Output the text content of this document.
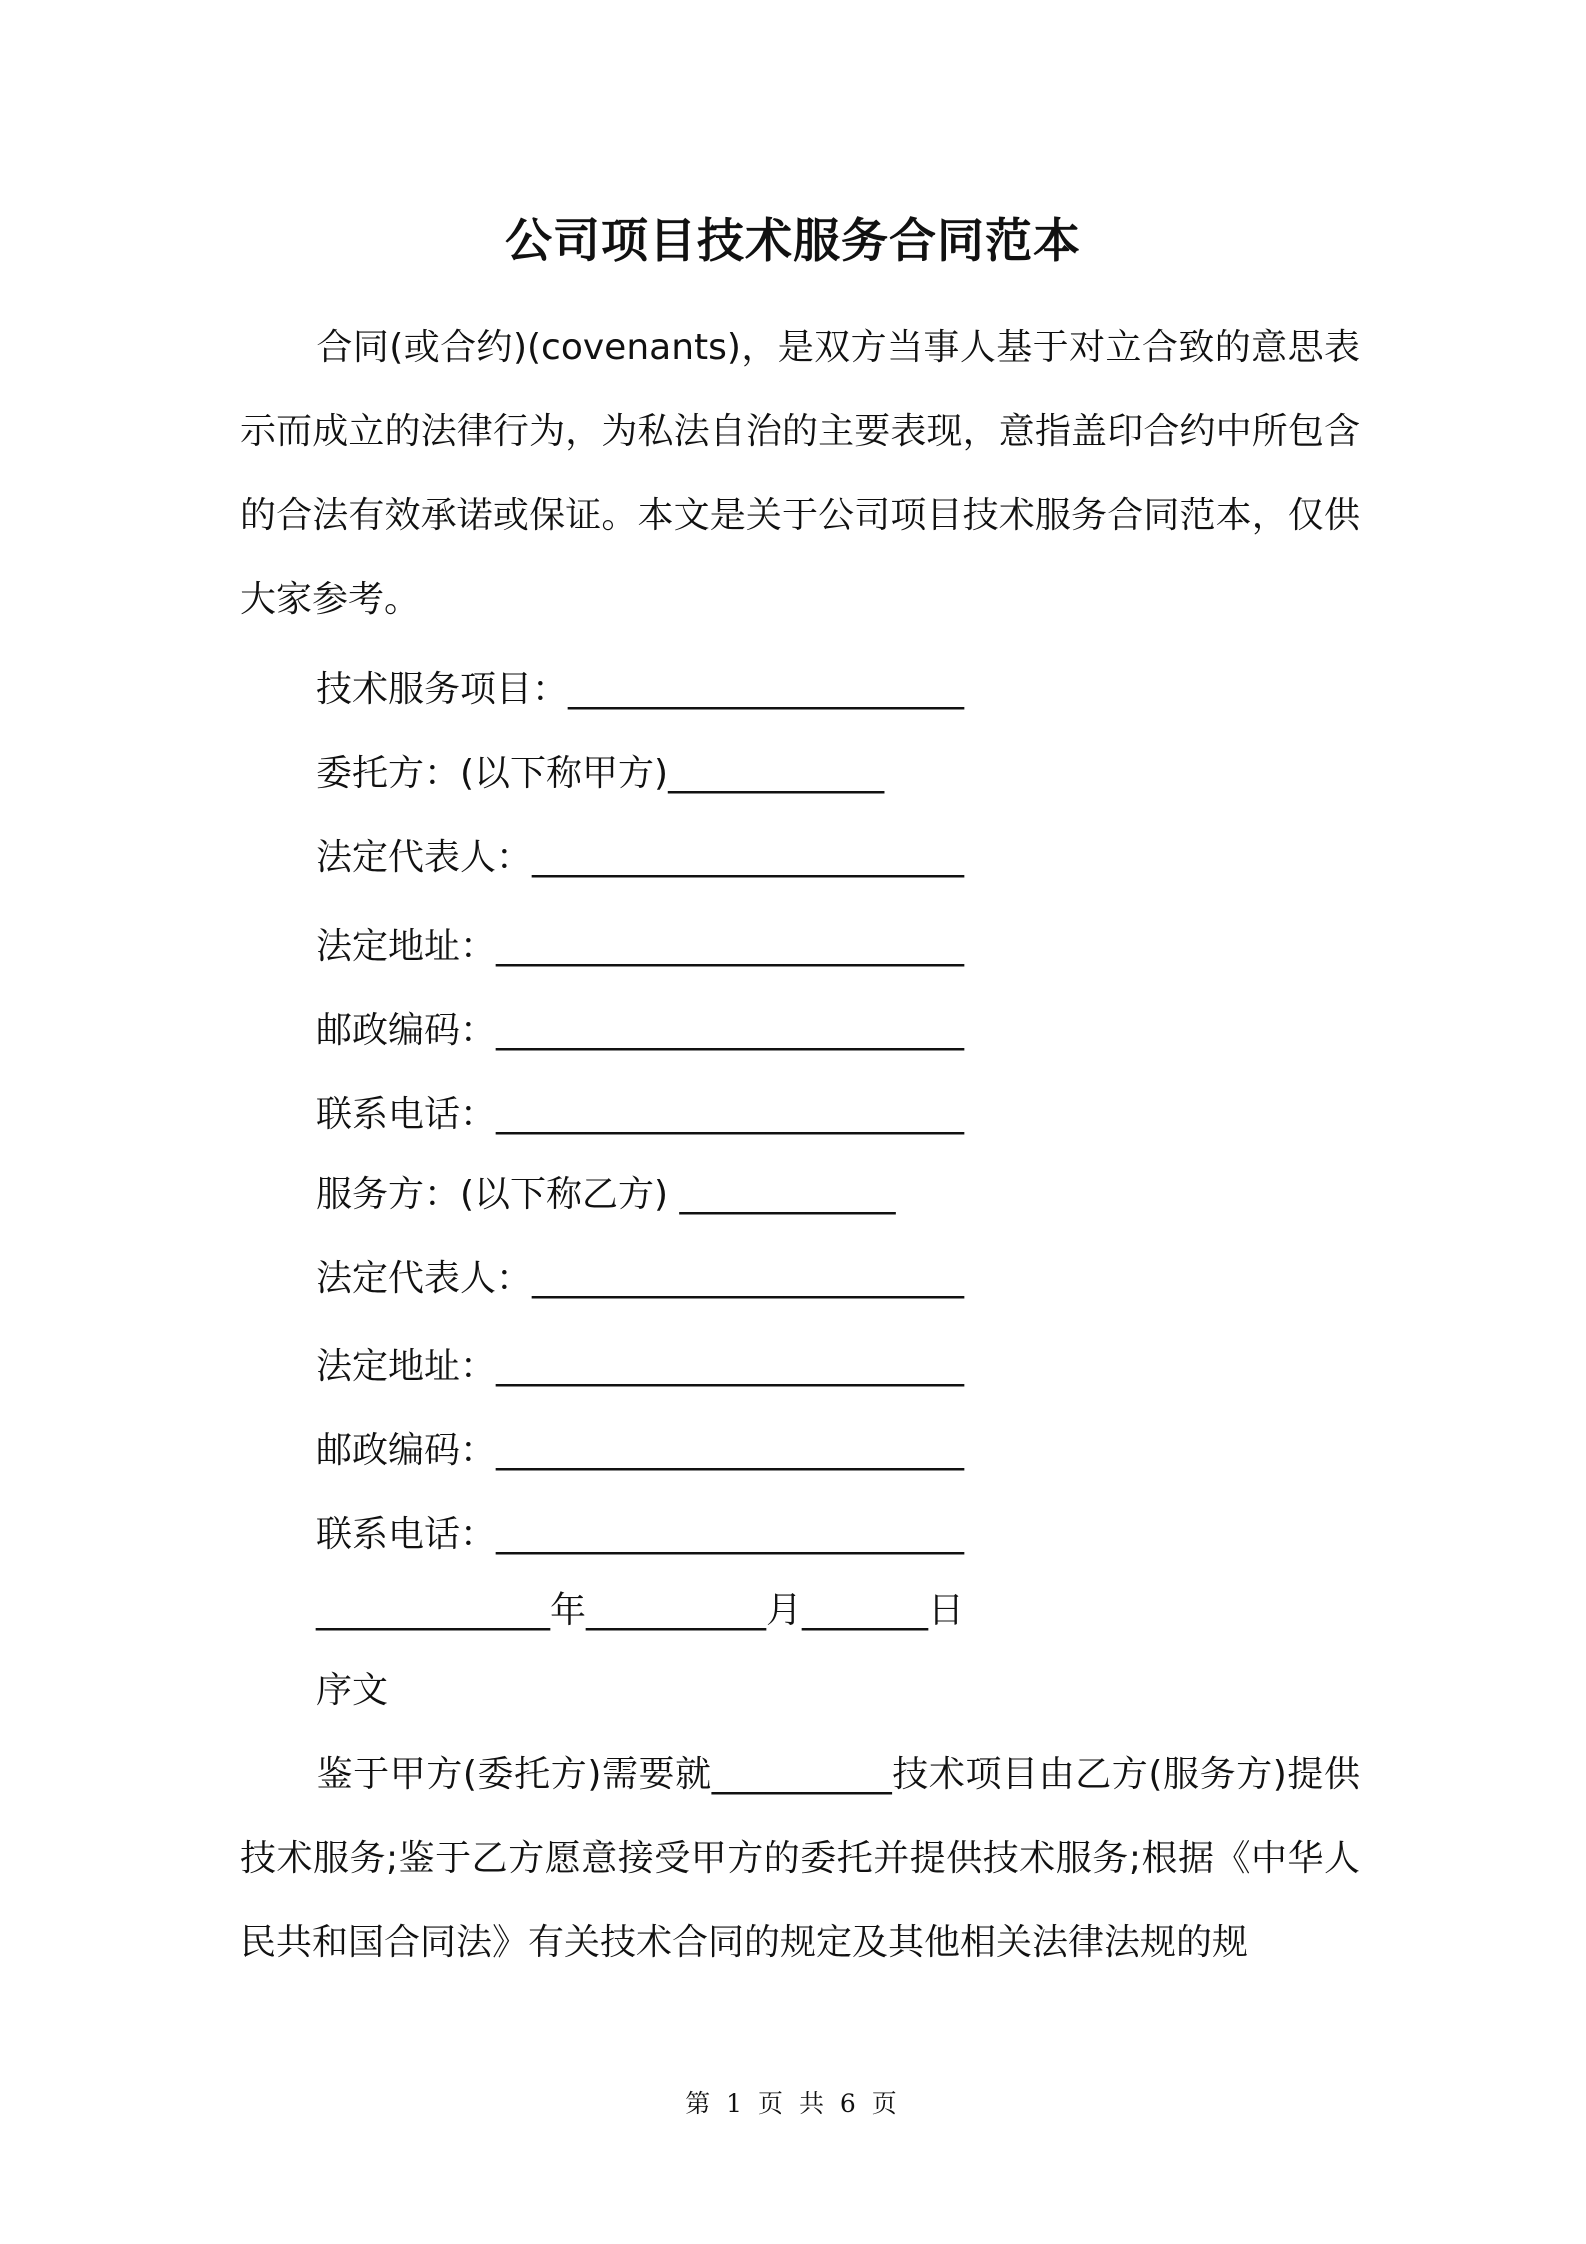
公司项目技术服务合同范本

合同(或合约)(covenants)，是双方当事人基于对立合致的意思表示而成立的法律行为，为私法自治的主要表现，意指盖印合约中所包含的合法有效承诺或保证。本文是关于公司项目技术服务合同范本，仅供大家参考。

技术服务项目：______________________
委托方：(以下称甲方)____________
法定代表人：________________________
法定地址：__________________________
邮政编码：__________________________
联系电话：__________________________
服务方：(以下称乙方) ____________
法定代表人：________________________
法定地址：__________________________
邮政编码：__________________________
联系电话：__________________________
_____________年__________月_______日
序文

鉴于甲方(委托方)需要就__________技术项目由乙方(服务方)提供技术服务;鉴于乙方愿意接受甲方的委托并提供技术服务;根据《中华人民共和国合同法》有关技术合同的规定及其他相关法律法规的规

第 1 页 共 6 页
